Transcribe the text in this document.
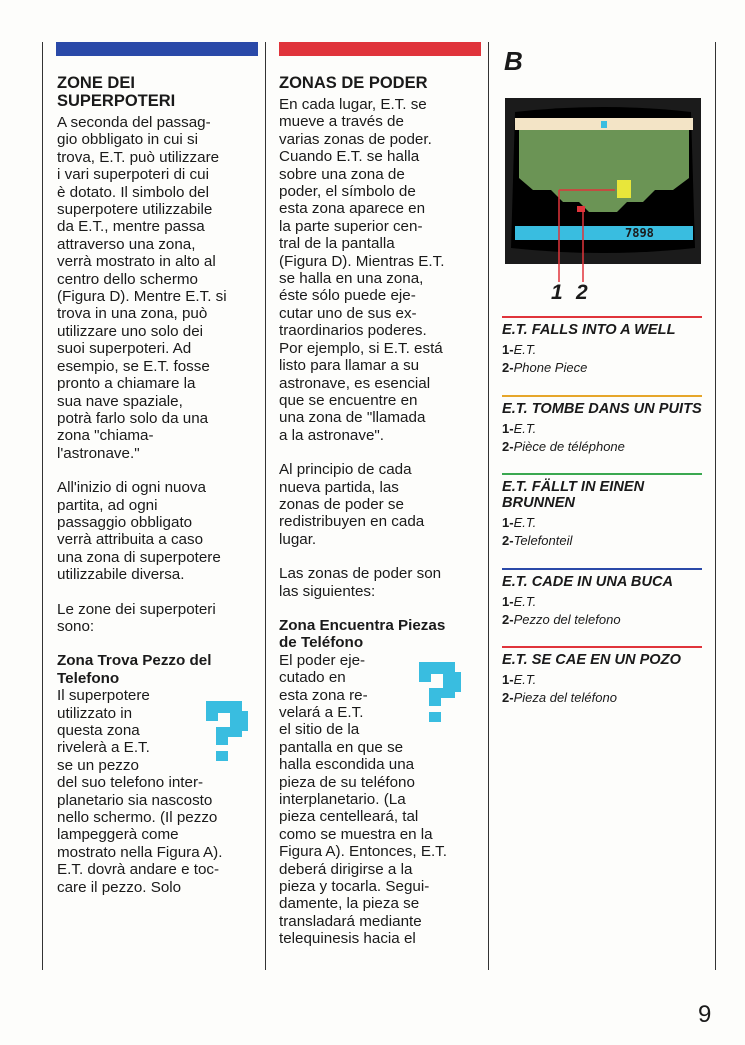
ZONE DEI
SUPERPOTERI

A seconda del passag-
gio obbligato in cui si
trova, E.T. può utilizzare
i vari superpoteri di cui
è dotato. Il simbolo del
superpotere utilizzabile
da E.T., mentre passa
attraverso una zona,
verrà mostrato in alto al
centro dello schermo
(Figura D). Mentre E.T. si
trova in una zona, può
utilizzare uno solo dei
suoi superpoteri. Ad
esempio, se E.T. fosse
pronto a chiamare la
sua nave spaziale,
potrà farlo solo da una
zona "chiama-
l'astronave."

All'inizio di ogni nuova
partita, ad ogni
passaggio obbligato
verrà attribuita a caso
una zona di superpotere
utilizzabile diversa.

Le zone dei superpoteri
sono:

Zona Trova Pezzo del
Telefono

Il superpotere
utilizzato in
questa zona
rivelerà a E.T.
se un pezzo
del suo telefono inter-
planetario sia nascosto
nello schermo. (Il pezzo
lampeggerà come
mostrato nella Figura A).
E.T. dovrà andare e toc-
care il pezzo. Solo

ZONAS DE PODER

En cada lugar, E.T. se
mueve a través de
varias zonas de poder.
Cuando E.T. se halla
sobre una zona de
poder, el símbolo de
esta zona aparece en
la parte superior cen-
tral de la pantalla
(Figura D). Mientras E.T.
se halla en una zona,
éste sólo puede eje-
cutar uno de sus ex-
traordinarios poderes.
Por ejemplo, si E.T. está
listo para llamar a su
astronave, es esencial
que se encuentre en
una zona de "llamada
a la astronave".

Al principio de cada
nueva partida, las
zonas de poder se
redistribuyen en cada
lugar.

Las zonas de poder son
las siguientes:

Zona Encuentra Piezas
de Teléfono

El poder eje-
cutado en
esta zona re-
velará a E.T.
el sitio de la
pantalla en que se
halla escondida una
pieza de su teléfono
interplanetario. (La
pieza centelleará, tal
como se muestra en la
Figura A). Entonces, E.T.
deberá dirigirse a la
pieza y tocarla. Segui-
damente, la pieza se
transladará mediante
telequinesis hacia el

B
7898
1 2
E.T. FALLS INTO A WELL
1-E.T.
2-Phone Piece
E.T. TOMBE DANS UN PUITS
1-E.T.
2-Pièce de téléphone
E.T. FÄLLT IN EINEN
BRUNNEN
1-E.T.
2-Telefonteil
E.T. CADE IN UNA BUCA
1-E.T.
2-Pezzo del telefono
E.T. SE CAE EN UN POZO
1-E.T.
2-Pieza del teléfono
9
